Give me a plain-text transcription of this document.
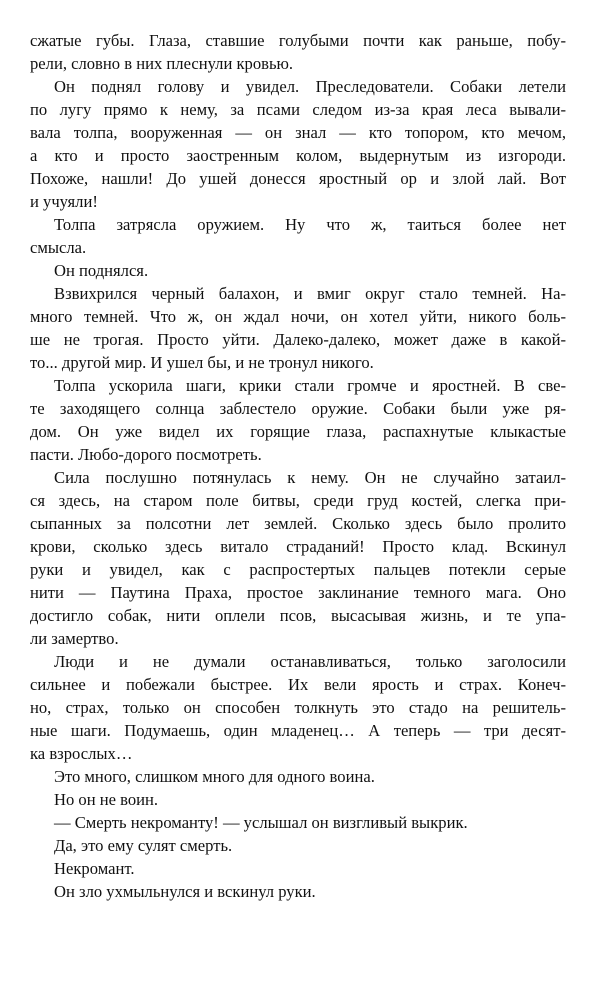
сжатые губы. Глаза, ставшие голубыми почти как раньше, побу-
рели, словно в них плеснули кровью.
Он поднял голову и увидел. Преследователи. Собаки летели
по лугу прямо к нему, за псами следом из-за края леса вывали-
вала толпа, вооруженная — он знал — кто топором, кто мечом,
а кто и просто заостренным колом, выдернутым из изгороди.
Похоже, нашли! До ушей донесся яростный ор и злой лай. Вот
и учуяли!
Толпа затрясла оружием. Ну что ж, таиться более нет
смысла.
Он поднялся.
Взвихрился черный балахон, и вмиг округ стало темней. На-
много темней. Что ж, он ждал ночи, он хотел уйти, никого боль-
ше не трогая. Просто уйти. Далеко-далеко, может даже в какой-
то... другой мир. И ушел бы, и не тронул никого.
Толпа ускорила шаги, крики стали громче и яростней. В све-
те заходящего солнца заблестело оружие. Собаки были уже ря-
дом. Он уже видел их горящие глаза, распахнутые клыкастые
пасти. Любо-дорого посмотреть.
Сила послушно потянулась к нему. Он не случайно затаил-
ся здесь, на старом поле битвы, среди груд костей, слегка при-
сыпанных за полсотни лет землей. Сколько здесь было пролито
крови, сколько здесь витало страданий! Просто клад. Вскинул
руки и увидел, как с распростертых пальцев потекли серые
нити — Паутина Праха, простое заклинание темного мага. Оно
достигло собак, нити оплели псов, высасывая жизнь, и те упа-
ли замертво.
Люди и не думали останавливаться, только заголосили
сильнее и побежали быстрее. Их вели ярость и страх. Конеч-
но, страх, только он способен толкнуть это стадо на решитель-
ные шаги. Подумаешь, один младенец… А теперь — три десят-
ка взрослых…
Это много, слишком много для одного воина.
Но он не воин.
— Смерть некроманту! — услышал он визгливый выкрик.
Да, это ему сулят смерть.
Некромант.
Он зло ухмыльнулся и вскинул руки.
